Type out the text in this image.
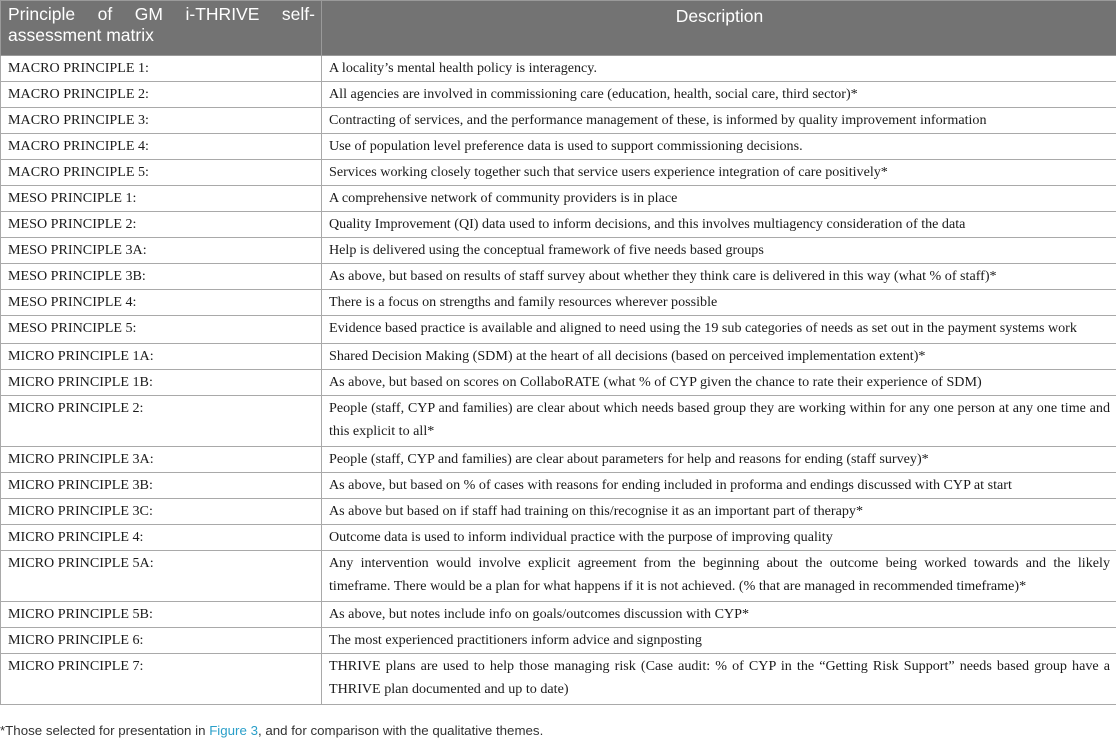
Principle of GM i-THRIVE self-assessment matrix	Description
MACRO PRINCIPLE 1:	A locality’s mental health policy is interagency.
MACRO PRINCIPLE 2:	All agencies are involved in commissioning care (education, health, social care, third sector)*
MACRO PRINCIPLE 3:	Contracting of services, and the performance management of these, is informed by quality improvement information
MACRO PRINCIPLE 4:	Use of population level preference data is used to support commissioning decisions.
MACRO PRINCIPLE 5:	Services working closely together such that service users experience integration of care positively*
MESO PRINCIPLE 1:	A comprehensive network of community providers is in place
MESO PRINCIPLE 2:	Quality Improvement (QI) data used to inform decisions, and this involves multiagency consideration of the data
MESO PRINCIPLE 3A:	Help is delivered using the conceptual framework of five needs based groups
MESO PRINCIPLE 3B:	As above, but based on results of staff survey about whether they think care is delivered in this way (what % of staff)*
MESO PRINCIPLE 4:	There is a focus on strengths and family resources wherever possible
MESO PRINCIPLE 5:	Evidence based practice is available and aligned to need using the 19 sub categories of needs as set out in the payment systems work
MICRO PRINCIPLE 1A:	Shared Decision Making (SDM) at the heart of all decisions (based on perceived implementation extent)*
MICRO PRINCIPLE 1B:	As above, but based on scores on CollaboRATE (what % of CYP given the chance to rate their experience of SDM)
MICRO PRINCIPLE 2:	People (staff, CYP and families) are clear about which needs based group they are working within for any one person at any one time and this explicit to all*
MICRO PRINCIPLE 3A:	People (staff, CYP and families) are clear about parameters for help and reasons for ending (staff survey)*
MICRO PRINCIPLE 3B:	As above, but based on % of cases with reasons for ending included in proforma and endings discussed with CYP at start
MICRO PRINCIPLE 3C:	As above but based on if staff had training on this/recognise it as an important part of therapy*
MICRO PRINCIPLE 4:	Outcome data is used to inform individual practice with the purpose of improving quality
MICRO PRINCIPLE 5A:	Any intervention would involve explicit agreement from the beginning about the outcome being worked towards and the likely timeframe. There would be a plan for what happens if it is not achieved. (% that are managed in recommended timeframe)*
MICRO PRINCIPLE 5B:	As above, but notes include info on goals/outcomes discussion with CYP*
MICRO PRINCIPLE 6:	The most experienced practitioners inform advice and signposting
MICRO PRINCIPLE 7:	THRIVE plans are used to help those managing risk (Case audit: % of CYP in the “Getting Risk Support” needs based group have a THRIVE plan documented and up to date)
*Those selected for presentation in Figure 3, and for comparison with the qualitative themes.
